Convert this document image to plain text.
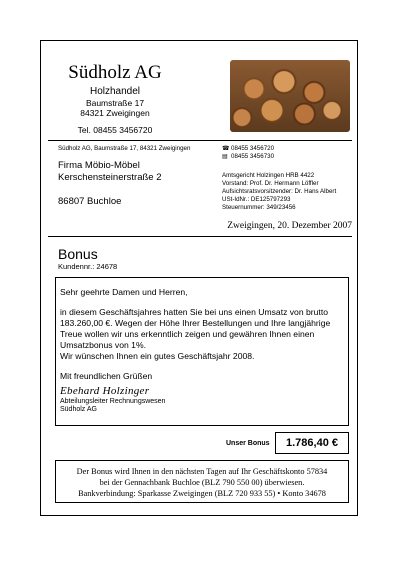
Südholz AG
Holzhandel
Baumstraße 17
84321 Zweigingen
Tel. 08455 3456720
Südholz AG, Baumstraße 17, 84321 Zweigingen	☎ 08455 3456720
▤ 08455 3456730
Firma Möbio-Möbel
Kerschensteinerstraße 2
86807 Buchloe
Amtsgericht Holzingen HRB 4422
Vorstand: Prof. Dr. Hermann Löffler
Aufsichtsratsvorsitzender: Dr. Hans Albert
USt-IdNr.: DE125797293
Steuernummer: 349/23456
Zweigingen, 20. Dezember 2007
Bonus
Kundennr.: 24678

Sehr geehrte Damen und Herren,

in diesem Geschäftsjahres hatten Sie bei uns einen Umsatz von brutto 183.260,00 €. Wegen der Höhe Ihrer Bestellungen und Ihre langjährige Treue wollen wir uns erkenntlich zeigen und gewähren Ihnen einen Umsatzbonus von 1%.

Wir wünschen Ihnen ein gutes Geschäftsjahr 2008.

Mit freundlichen Grüßen

Ebehard Holzinger
Abteilungsleiter Rechnungswesen
Südholz AG
Unser Bonus	1.786,40 €
Der Bonus wird Ihnen in den nächsten Tagen auf Ihr Geschäftskonto 57834
bei der Gennachbank Buchloe (BLZ 790 550 00) überwiesen.
Bankverbindung: Sparkasse Zweigingen (BLZ 720 933 55) • Konto 34678
